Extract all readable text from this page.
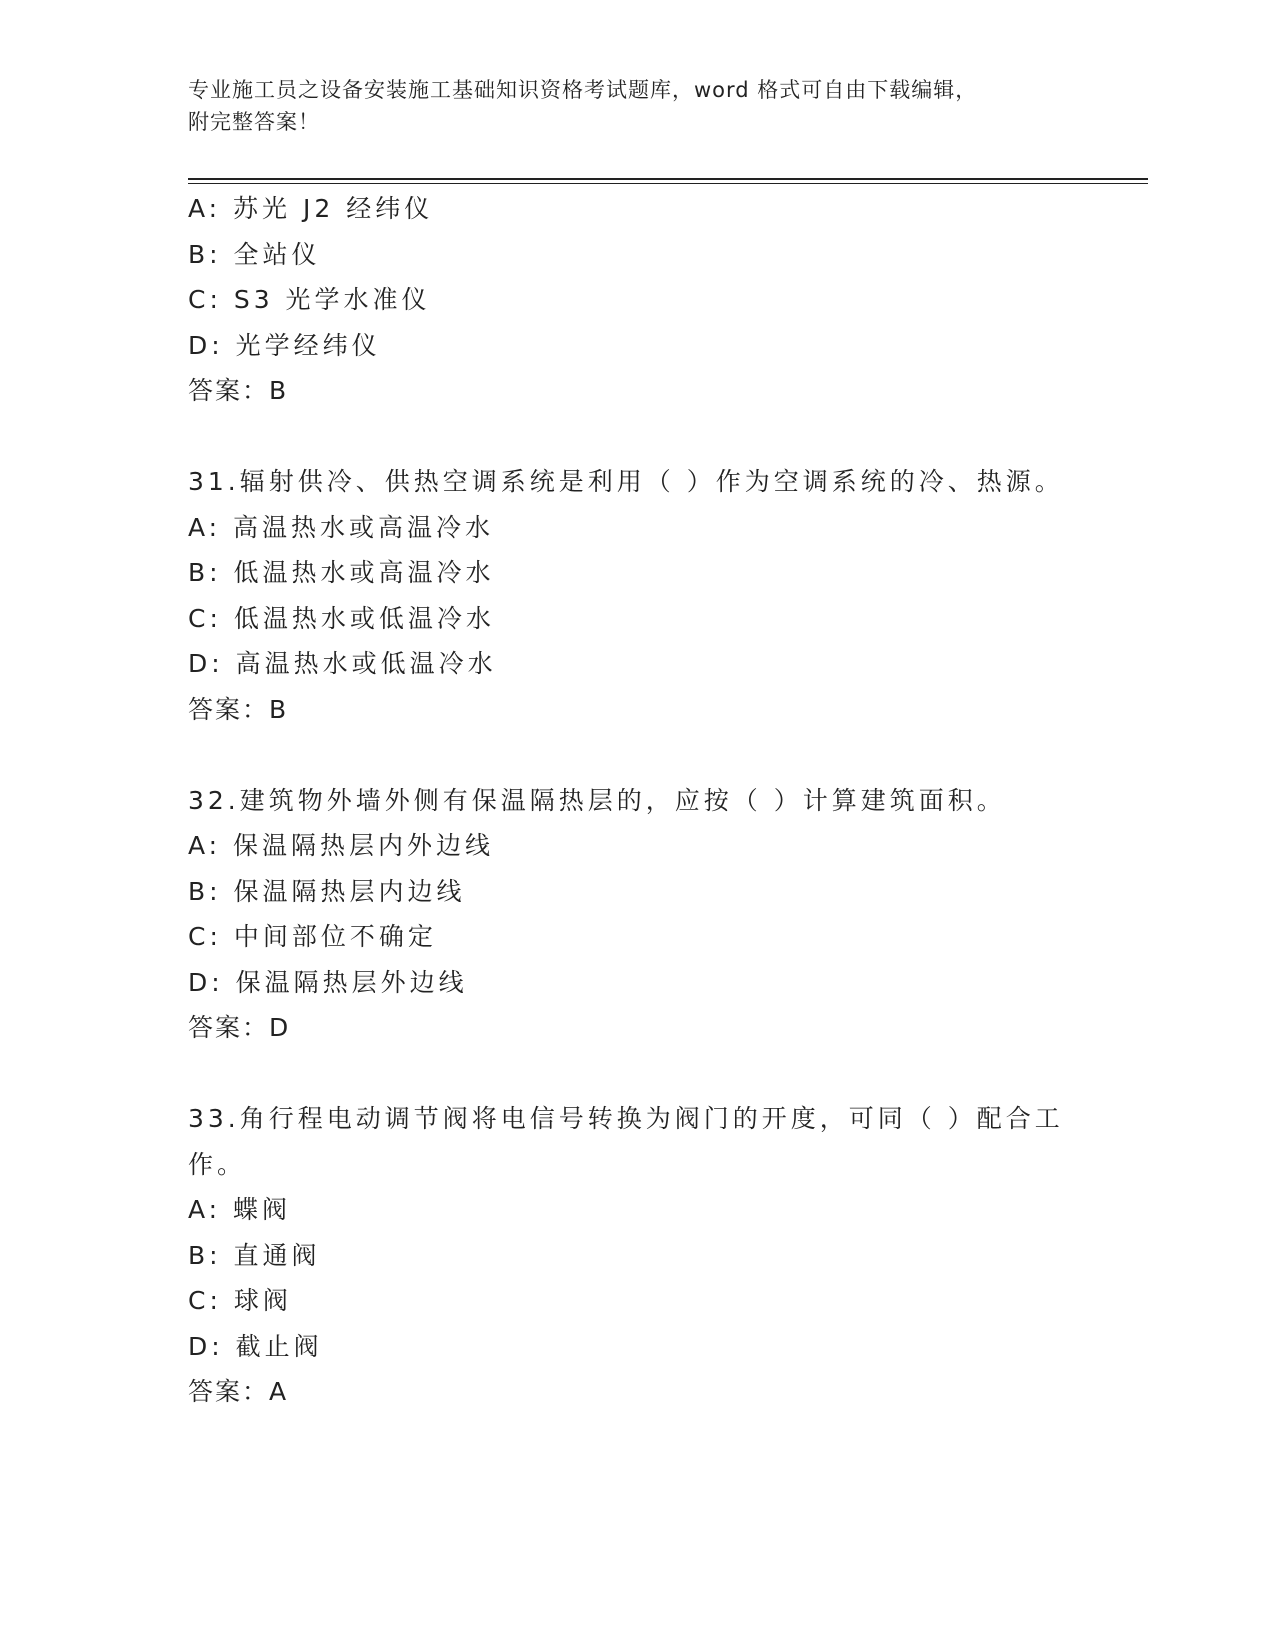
专业施工员之设备安装施工基础知识资格考试题库，word 格式可自由下载编辑，
附完整答案！
A: 苏光 J2 经纬仪
B: 全站仪
C: S3 光学水准仪
D: 光学经纬仪
答案：B
31.辐射供冷、供热空调系统是利用（ ）作为空调系统的冷、热源。
A: 高温热水或高温冷水
B: 低温热水或高温冷水
C: 低温热水或低温冷水
D: 高温热水或低温冷水
答案：B
32.建筑物外墙外侧有保温隔热层的，应按（ ）计算建筑面积。
A: 保温隔热层内外边线
B: 保温隔热层内边线
C: 中间部位不确定
D: 保温隔热层外边线
答案：D
33.角行程电动调节阀将电信号转换为阀门的开度，可同（ ）配合工
作。
A: 蝶阀
B: 直通阀
C: 球阀
D: 截止阀
答案：A
